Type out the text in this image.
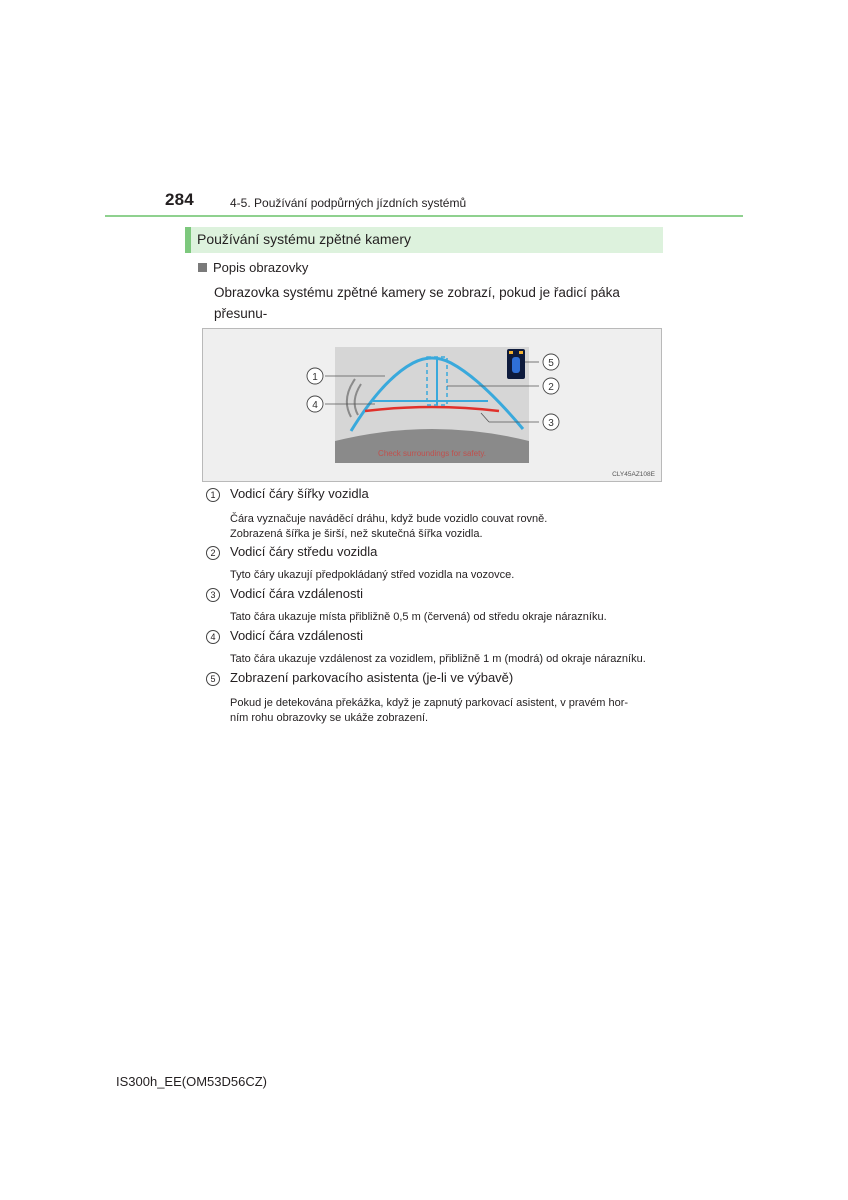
284	4-5. Používání podpůrných jízdních systémů
Používání systému zpětné kamery
Popis obrazovky

Obrazovka systému zpětné kamery se zobrazí, pokud je řadicí páka přesunu-

Check surroundings for safety.
1
4
5
2
3
CLY45AZ108E
1	Vodicí čáry šířky vozidla
Čára vyznačuje naváděcí dráhu, když bude vozidlo couvat rovně.
Zobrazená šířka je širší, než skutečná šířka vozidla.
2	Vodicí čáry středu vozidla
Tyto čáry ukazují předpokládaný střed vozidla na vozovce.
3	Vodicí čára vzdálenosti
Tato čára ukazuje místa přibližně 0,5 m (červená) od středu okraje nárazníku.
4	Vodicí čára vzdálenosti
Tato čára ukazuje vzdálenost za vozidlem, přibližně 1 m (modrá) od okraje nárazníku.
5	Zobrazení parkovacího asistenta (je-li ve výbavě)
Pokud je detekována překážka, když je zapnutý parkovací asistent, v pravém hor-
ním rohu obrazovky se ukáže zobrazení.
IS300h_EE(OM53D56CZ)
